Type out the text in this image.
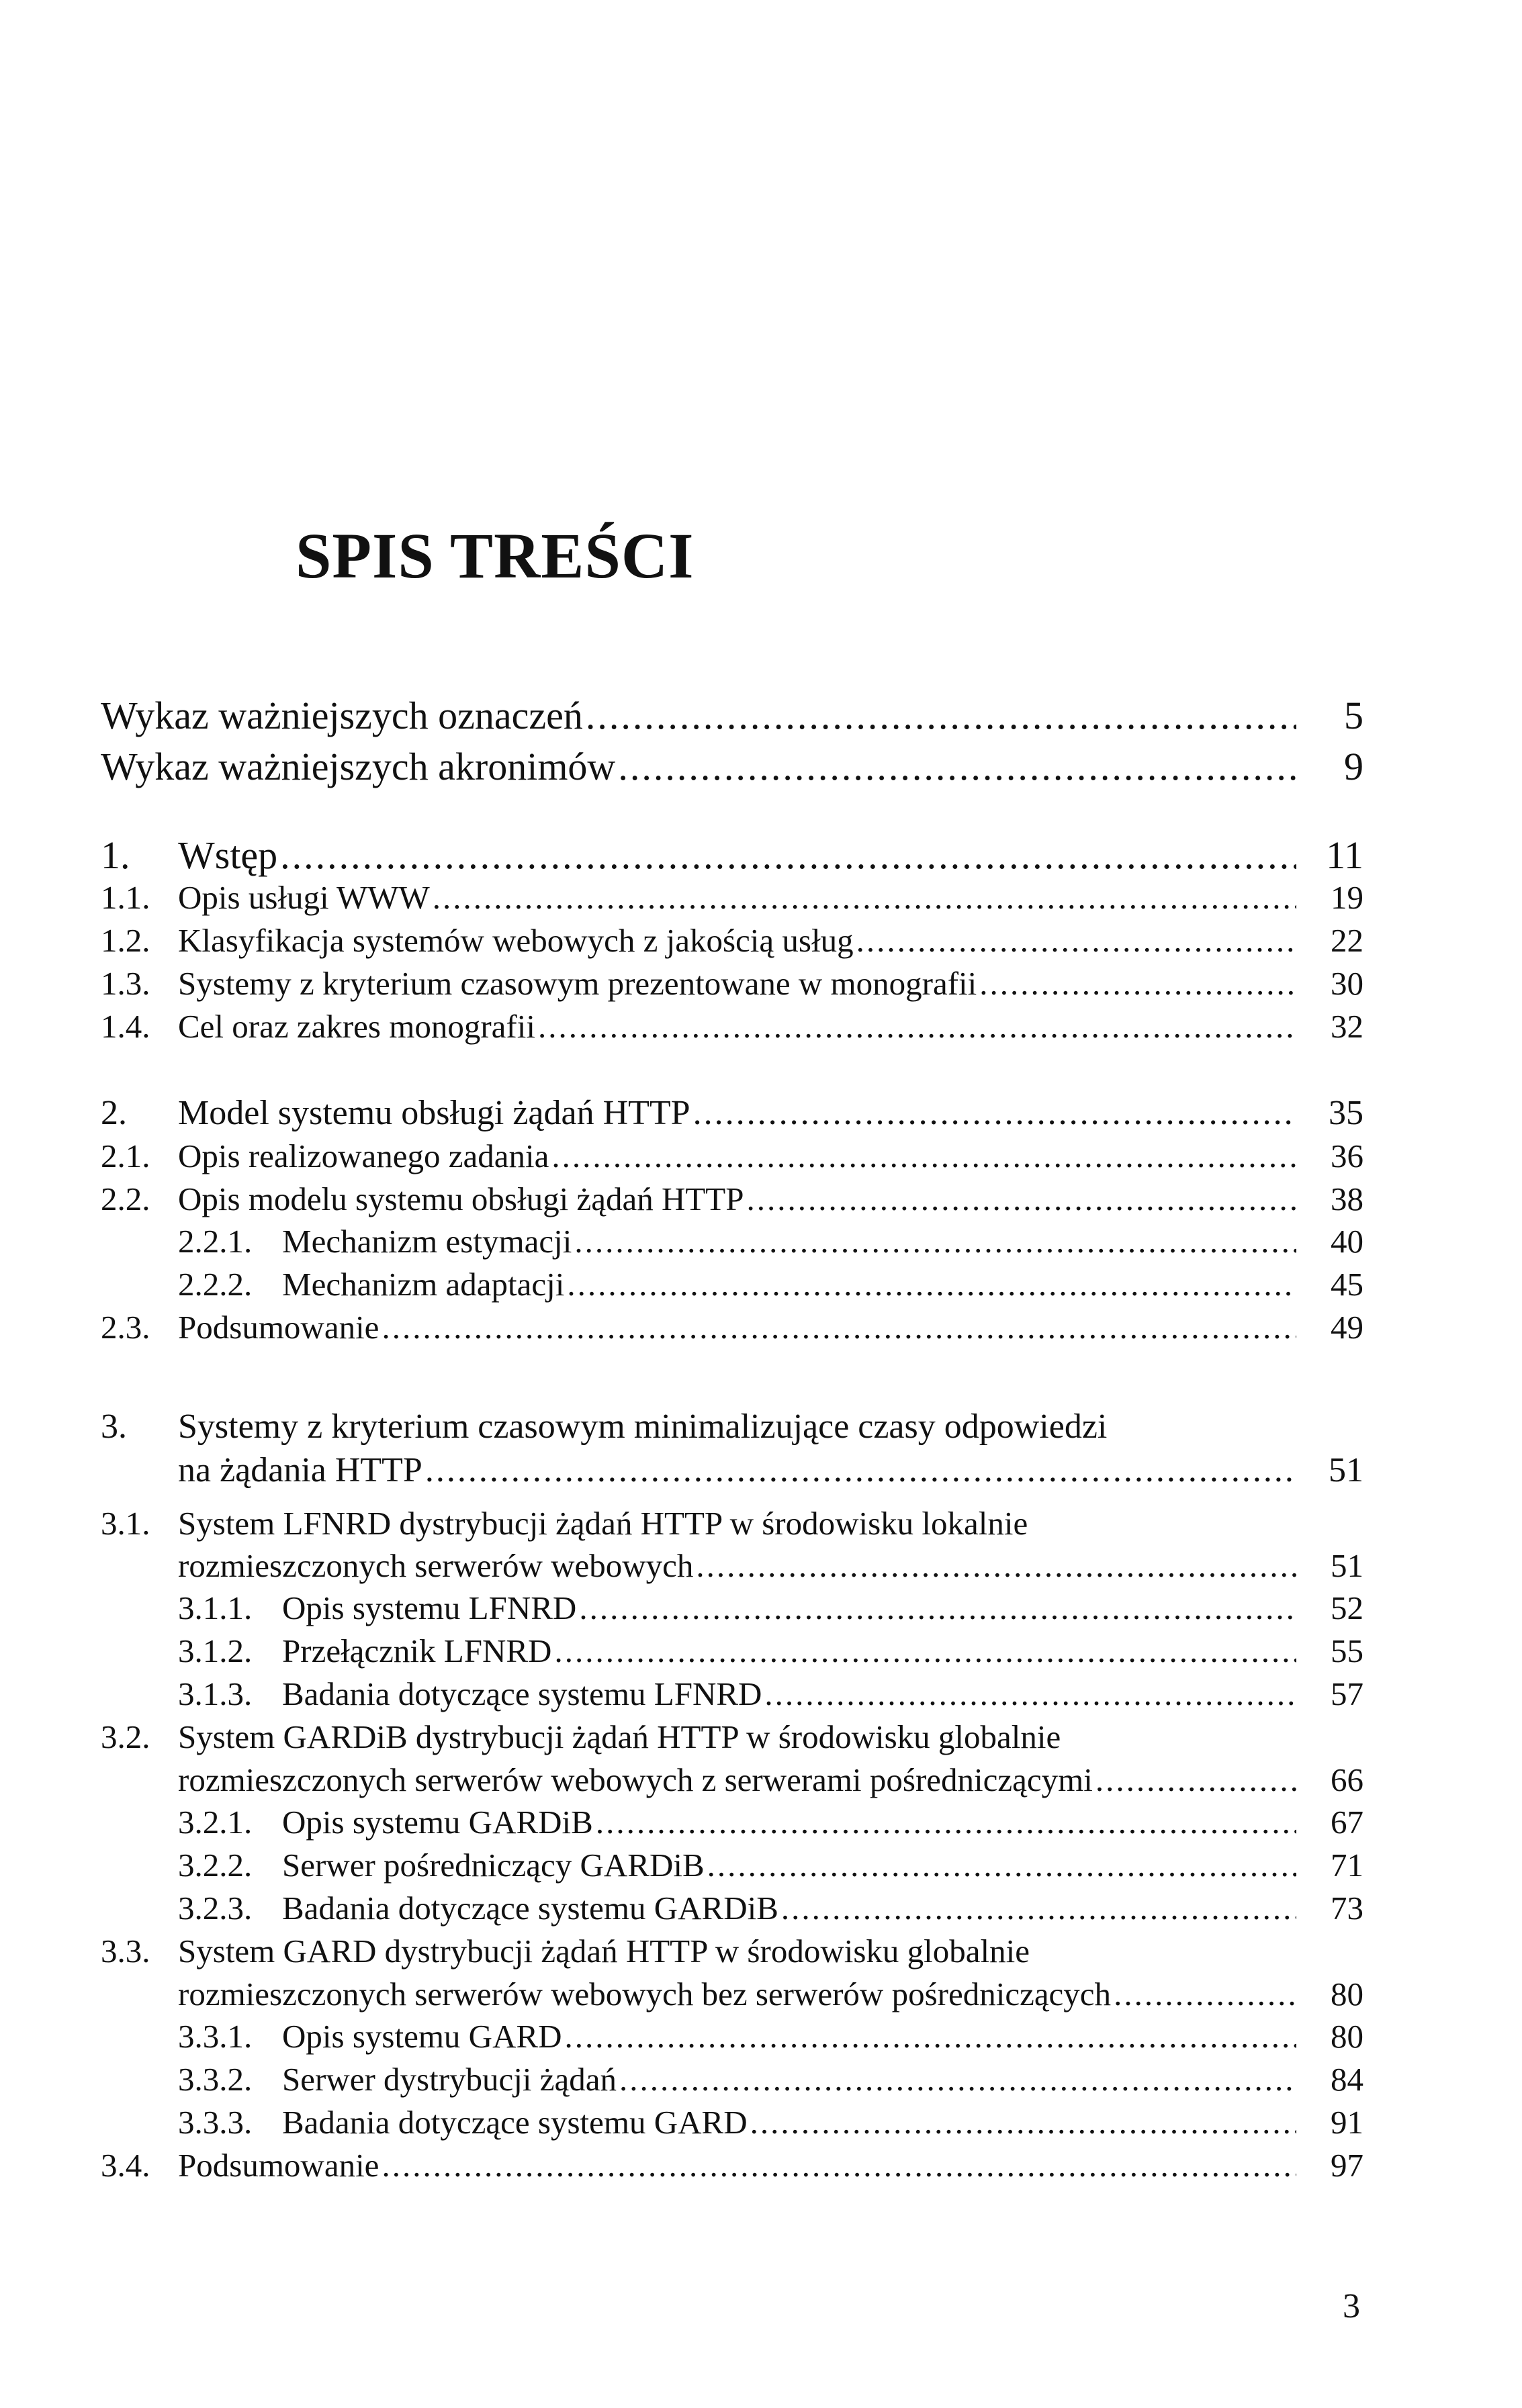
SPIS TREŚCI
Wykaz ważniejszych oznaczeń .....	5
Wykaz ważniejszych akronimów .....	9
1. Wstęp .....	11
1.1. Opis usługi WWW .....	19
1.2. Klasyfikacja systemów webowych z jakością usług .....	22
1.3. Systemy z kryterium czasowym prezentowane w monografii .....	30
1.4. Cel oraz zakres monografii .....	32
2. Model systemu obsługi żądań HTTP .....	35
2.1. Opis realizowanego zadania .....	36
2.2. Opis modelu systemu obsługi żądań HTTP .....	38
2.2.1. Mechanizm estymacji .....	40
2.2.2. Mechanizm adaptacji .....	45
2.3. Podsumowanie .....	49
3. Systemy z kryterium czasowym minimalizujące czasy odpowiedzi
na żądania HTTP .....	51
3.1. System LFNRD dystrybucji żądań HTTP w środowisku lokalnie
rozmieszczonych serwerów webowych .....	51
3.1.1. Opis systemu LFNRD .....	52
3.1.2. Przełącznik LFNRD .....	55
3.1.3. Badania dotyczące systemu LFNRD .....	57
3.2. System GARDiB dystrybucji żądań HTTP w środowisku globalnie
rozmieszczonych serwerów webowych z serwerami pośredniczącymi .....	66
3.2.1. Opis systemu GARDiB .....	67
3.2.2. Serwer pośredniczący GARDiB .....	71
3.2.3. Badania dotyczące systemu GARDiB .....	73
3.3. System GARD dystrybucji żądań HTTP w środowisku globalnie
rozmieszczonych serwerów webowych bez serwerów pośredniczących .....	80
3.3.1. Opis systemu GARD .....	80
3.3.2. Serwer dystrybucji żądań .....	84
3.3.3. Badania dotyczące systemu GARD .....	91
3.4. Podsumowanie .....	97
3
